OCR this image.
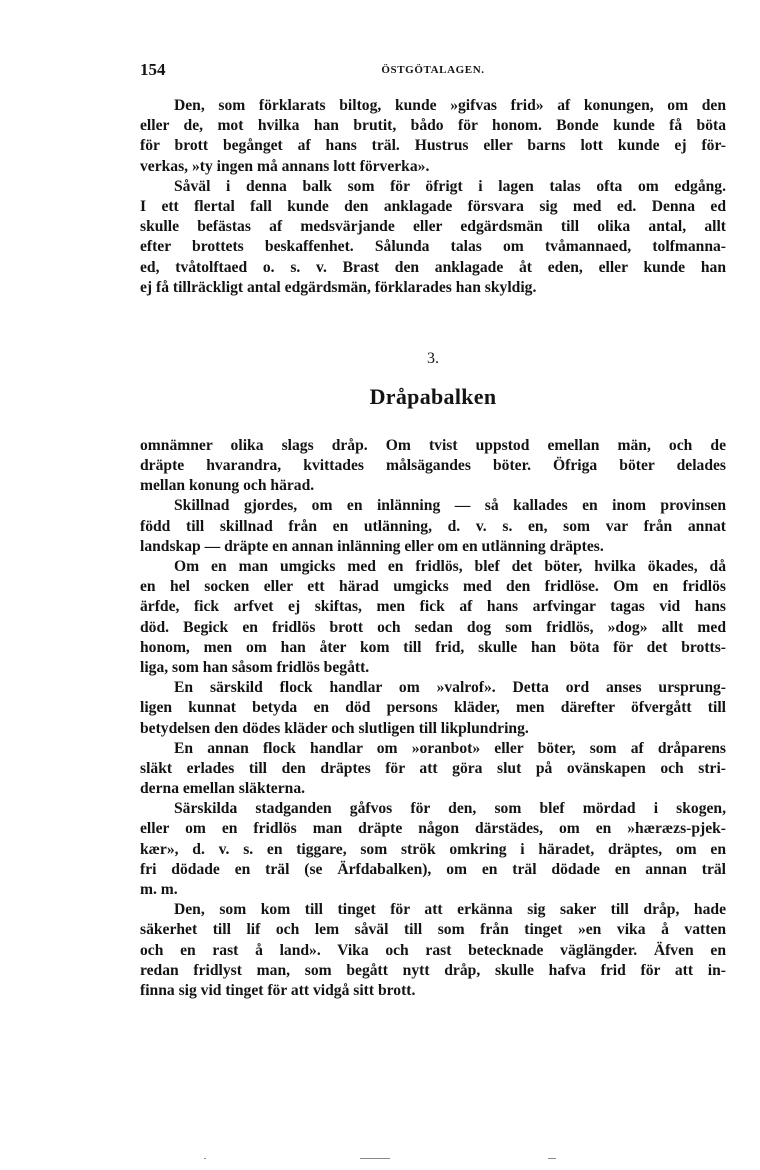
154	ÖSTGÖTALAGEN.
Den, som förklarats biltog, kunde »gifvas frid» af konungen, om den
eller de, mot hvilka han brutit, bådo för honom. Bonde kunde få böta
för brott begånget af hans träl. Hustrus eller barns lott kunde ej för-
verkas, »ty ingen må annans lott förverka».
Såväl i denna balk som för öfrigt i lagen talas ofta om edgång.
I ett flertal fall kunde den anklagade försvara sig med ed. Denna ed
skulle befästas af medsvärjande eller edgärdsmän till olika antal, allt
efter brottets beskaffenhet. Sålunda talas om tvåmannaed, tolfmanna-
ed, tvåtolftaed o. s. v. Brast den anklagade åt eden, eller kunde han
ej få tillräckligt antal edgärdsmän, förklarades han skyldig.
3.
Dråpabalken
omnämner olika slags dråp. Om tvist uppstod emellan män, och de
dräpte hvarandra, kvittades målsägandes böter. Öfriga böter delades
mellan konung och härad.
Skillnad gjordes, om en inlänning — så kallades en inom provinsen
född till skillnad från en utlänning, d. v. s. en, som var från annat
landskap — dräpte en annan inlänning eller om en utlänning dräptes.
Om en man umgicks med en fridlös, blef det böter, hvilka ökades, då
en hel socken eller ett härad umgicks med den fridlöse. Om en fridlös
ärfde, fick arfvet ej skiftas, men fick af hans arfvingar tagas vid hans
död. Begick en fridlös brott och sedan dog som fridlös, »dog» allt med
honom, men om han åter kom till frid, skulle han böta för det brotts-
liga, som han såsom fridlös begått.
En särskild flock handlar om »valrof». Detta ord anses ursprung-
ligen kunnat betyda en död persons kläder, men därefter öfvergått till
betydelsen den dödes kläder och slutligen till likplundring.
En annan flock handlar om »oranbot» eller böter, som af dråparens
släkt erlades till den dräptes för att göra slut på ovänskapen och stri-
derna emellan släkterna.
Särskilda stadganden gåfvos för den, som blef mördad i skogen,
eller om en fridlös man dräpte någon därstädes, om en »hæræzs-pjek-
kær», d. v. s. en tiggare, som strök omkring i häradet, dräptes, om en
fri dödade en träl (se Ärfdabalken), om en träl dödade en annan träl
m. m.
Den, som kom till tinget för att erkänna sig saker till dråp, hade
säkerhet till lif och lem såväl till som från tinget »en vika å vatten
och en rast å land». Vika och rast betecknade väglängder. Äfven en
redan fridlyst man, som begått nytt dråp, skulle hafva frid för att in-
finna sig vid tinget för att vidgå sitt brott.
